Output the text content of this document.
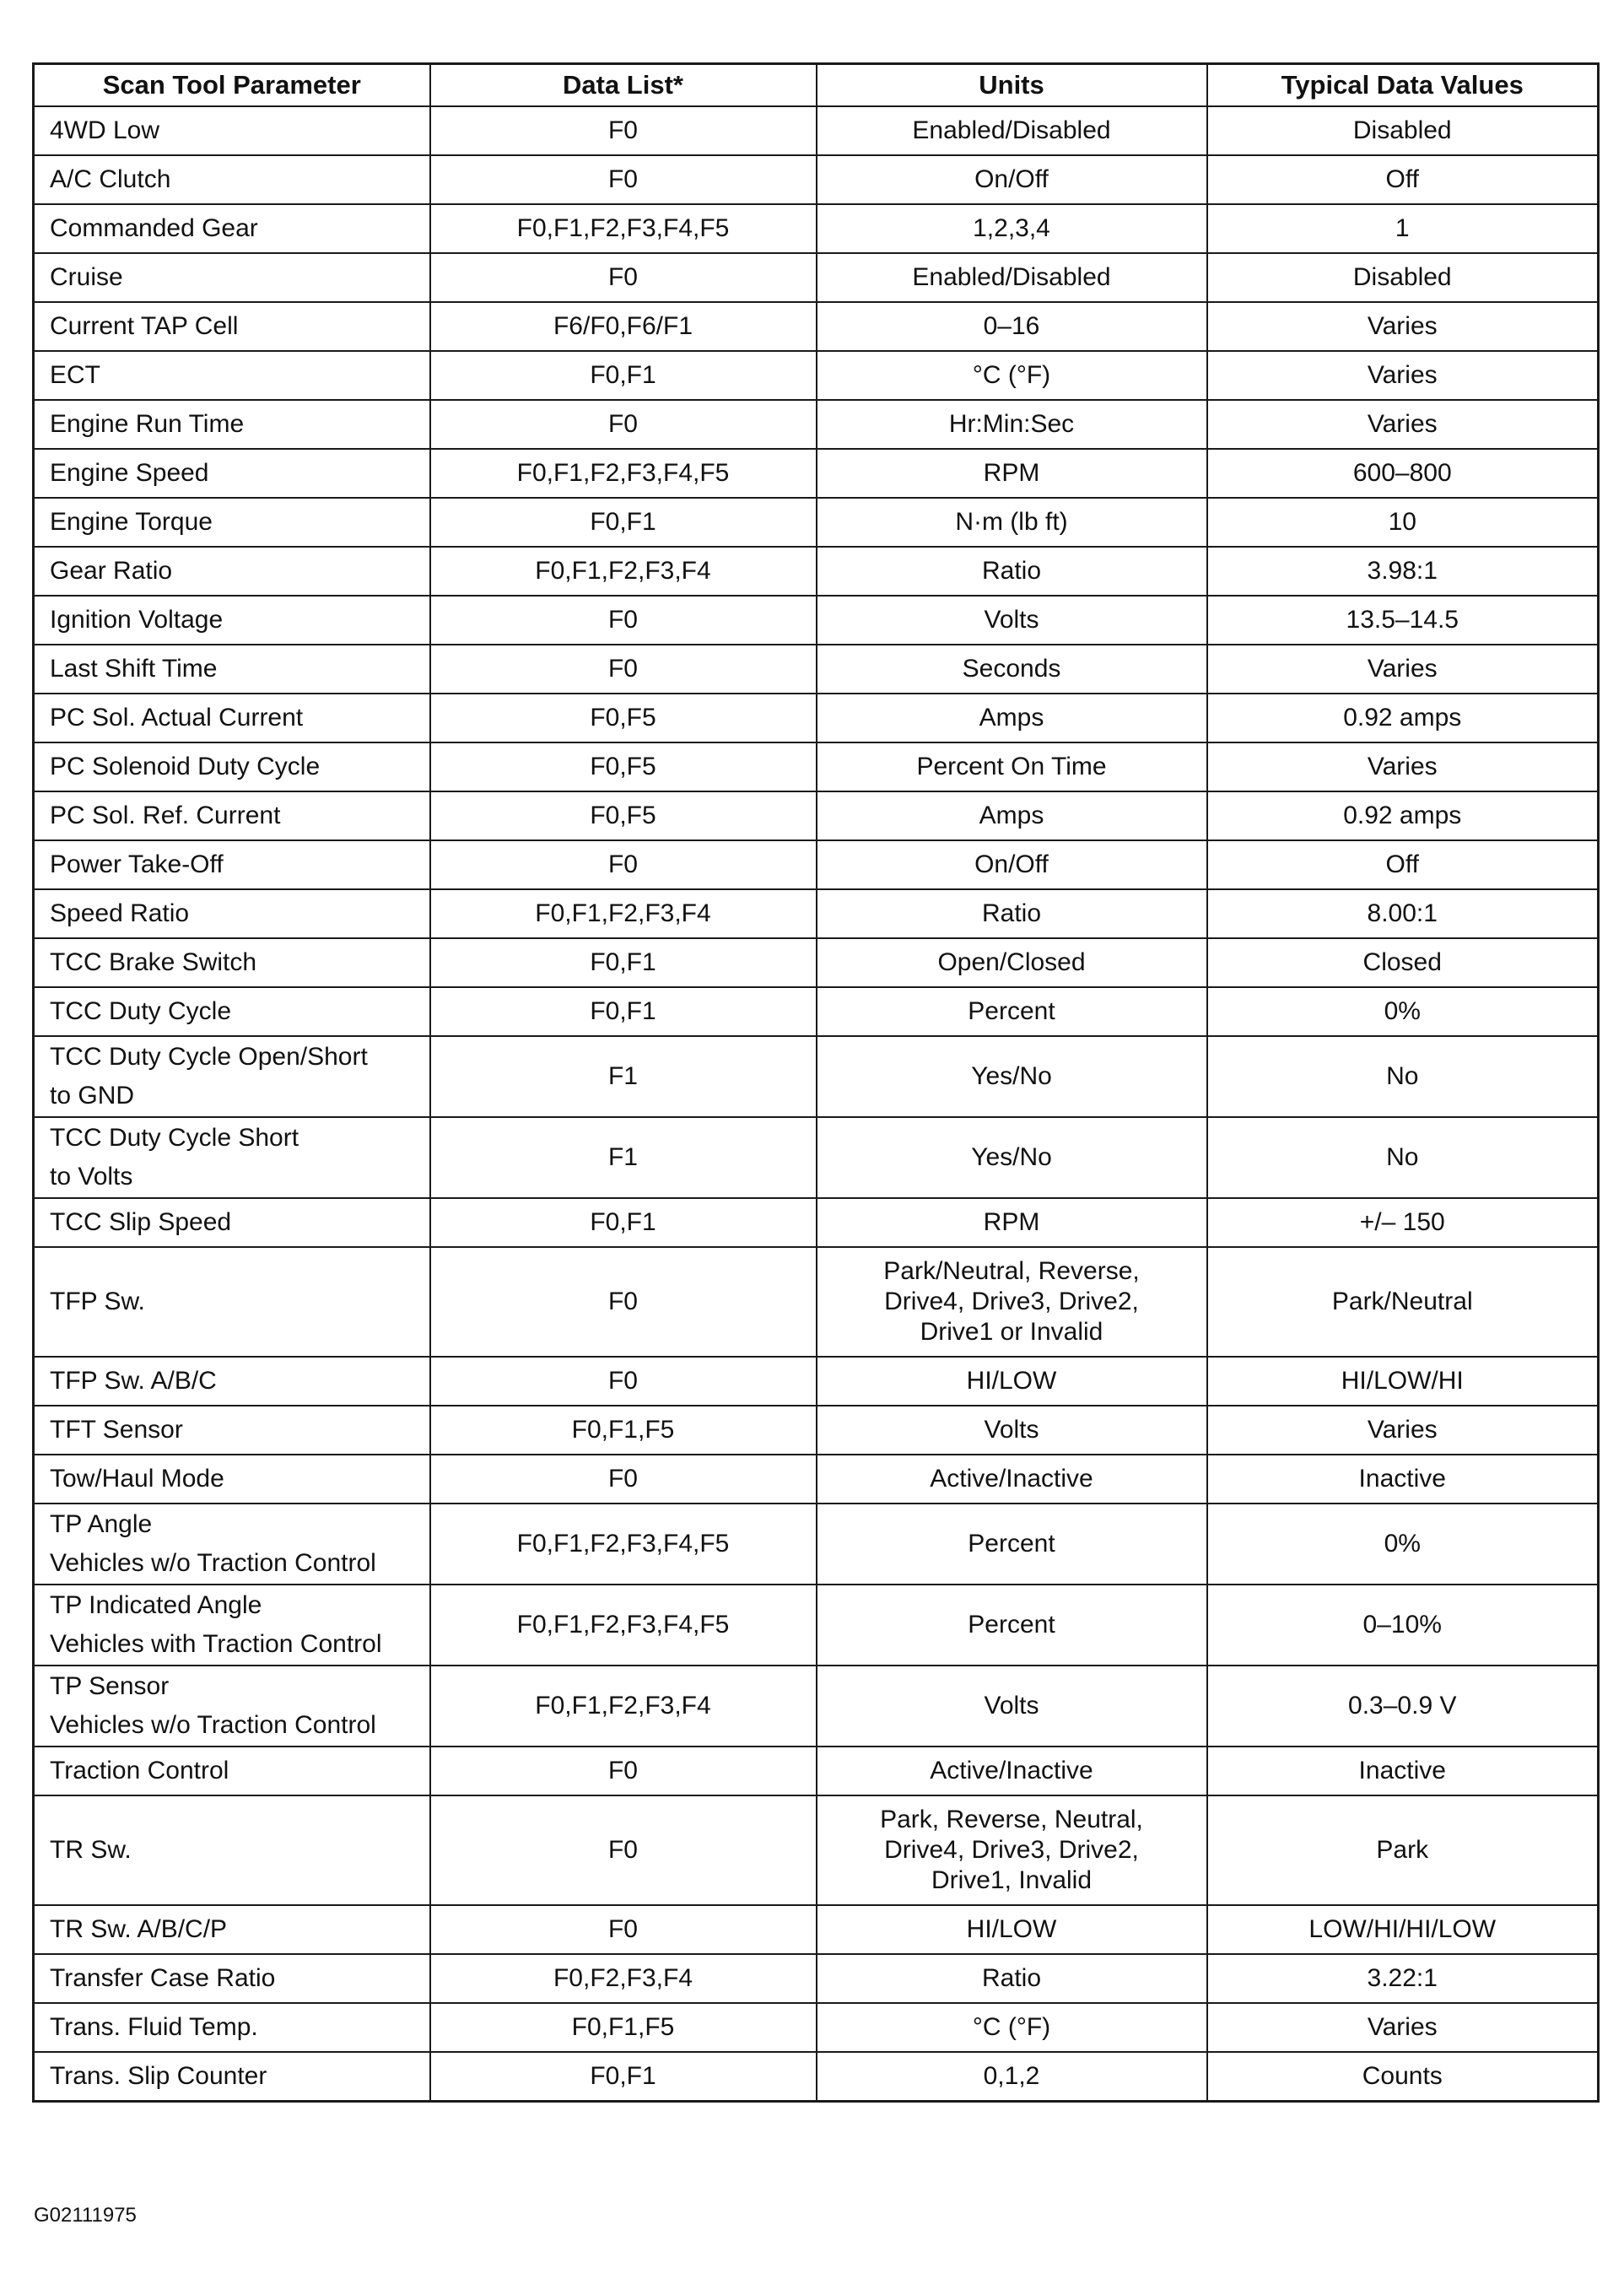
Scan Tool Parameter	Data List*	Units	Typical Data Values

4WD Low	F0	Enabled/Disabled	Disabled

A/C Clutch	F0	On/Off	Off

Commanded Gear	F0,F1,F2,F3,F4,F5	1,2,3,4	1

Cruise	F0	Enabled/Disabled	Disabled

Current TAP Cell	F6/F0,F6/F1	0–16	Varies

ECT	F0,F1	°C (°F)	Varies

Engine Run Time	F0	Hr:Min:Sec	Varies

Engine Speed	F0,F1,F2,F3,F4,F5	RPM	600–800

Engine Torque	F0,F1	N·m (lb ft)	10

Gear Ratio	F0,F1,F2,F3,F4	Ratio	3.98:1

Ignition Voltage	F0	Volts	13.5–14.5

Last Shift Time	F0	Seconds	Varies

PC Sol. Actual Current	F0,F5	Amps	0.92 amps

PC Solenoid Duty Cycle	F0,F5	Percent On Time	Varies

PC Sol. Ref. Current	F0,F5	Amps	0.92 amps

Power Take-Off	F0	On/Off	Off

Speed Ratio	F0,F1,F2,F3,F4	Ratio	8.00:1

TCC Brake Switch	F0,F1	Open/Closed	Closed

TCC Duty Cycle	F0,F1	Percent	0%

TCC Duty Cycle Open/Short
to GND	F1	Yes/No	No

TCC Duty Cycle Short
to Volts	F1	Yes/No	No

TCC Slip Speed	F0,F1	RPM	+/– 150

TFP Sw.	F0	Park/Neutral, Reverse,
Drive4, Drive3, Drive2,
Drive1 or Invalid	Park/Neutral

TFP Sw. A/B/C	F0	HI/LOW	HI/LOW/HI

TFT Sensor	F0,F1,F5	Volts	Varies

Tow/Haul Mode	F0	Active/Inactive	Inactive

TP Angle
Vehicles w/o Traction Control	F0,F1,F2,F3,F4,F5	Percent	0%

TP Indicated Angle
Vehicles with Traction Control	F0,F1,F2,F3,F4,F5	Percent	0–10%

TP Sensor
Vehicles w/o Traction Control	F0,F1,F2,F3,F4	Volts	0.3–0.9 V

Traction Control	F0	Active/Inactive	Inactive

TR Sw.	F0	Park, Reverse, Neutral,
Drive4, Drive3, Drive2,
Drive1, Invalid	Park

TR Sw. A/B/C/P	F0	HI/LOW	LOW/HI/HI/LOW

Transfer Case Ratio	F0,F2,F3,F4	Ratio	3.22:1

Trans. Fluid Temp.	F0,F1,F5	°C (°F)	Varies

Trans. Slip Counter	F0,F1	0,1,2	Counts
G02111975
